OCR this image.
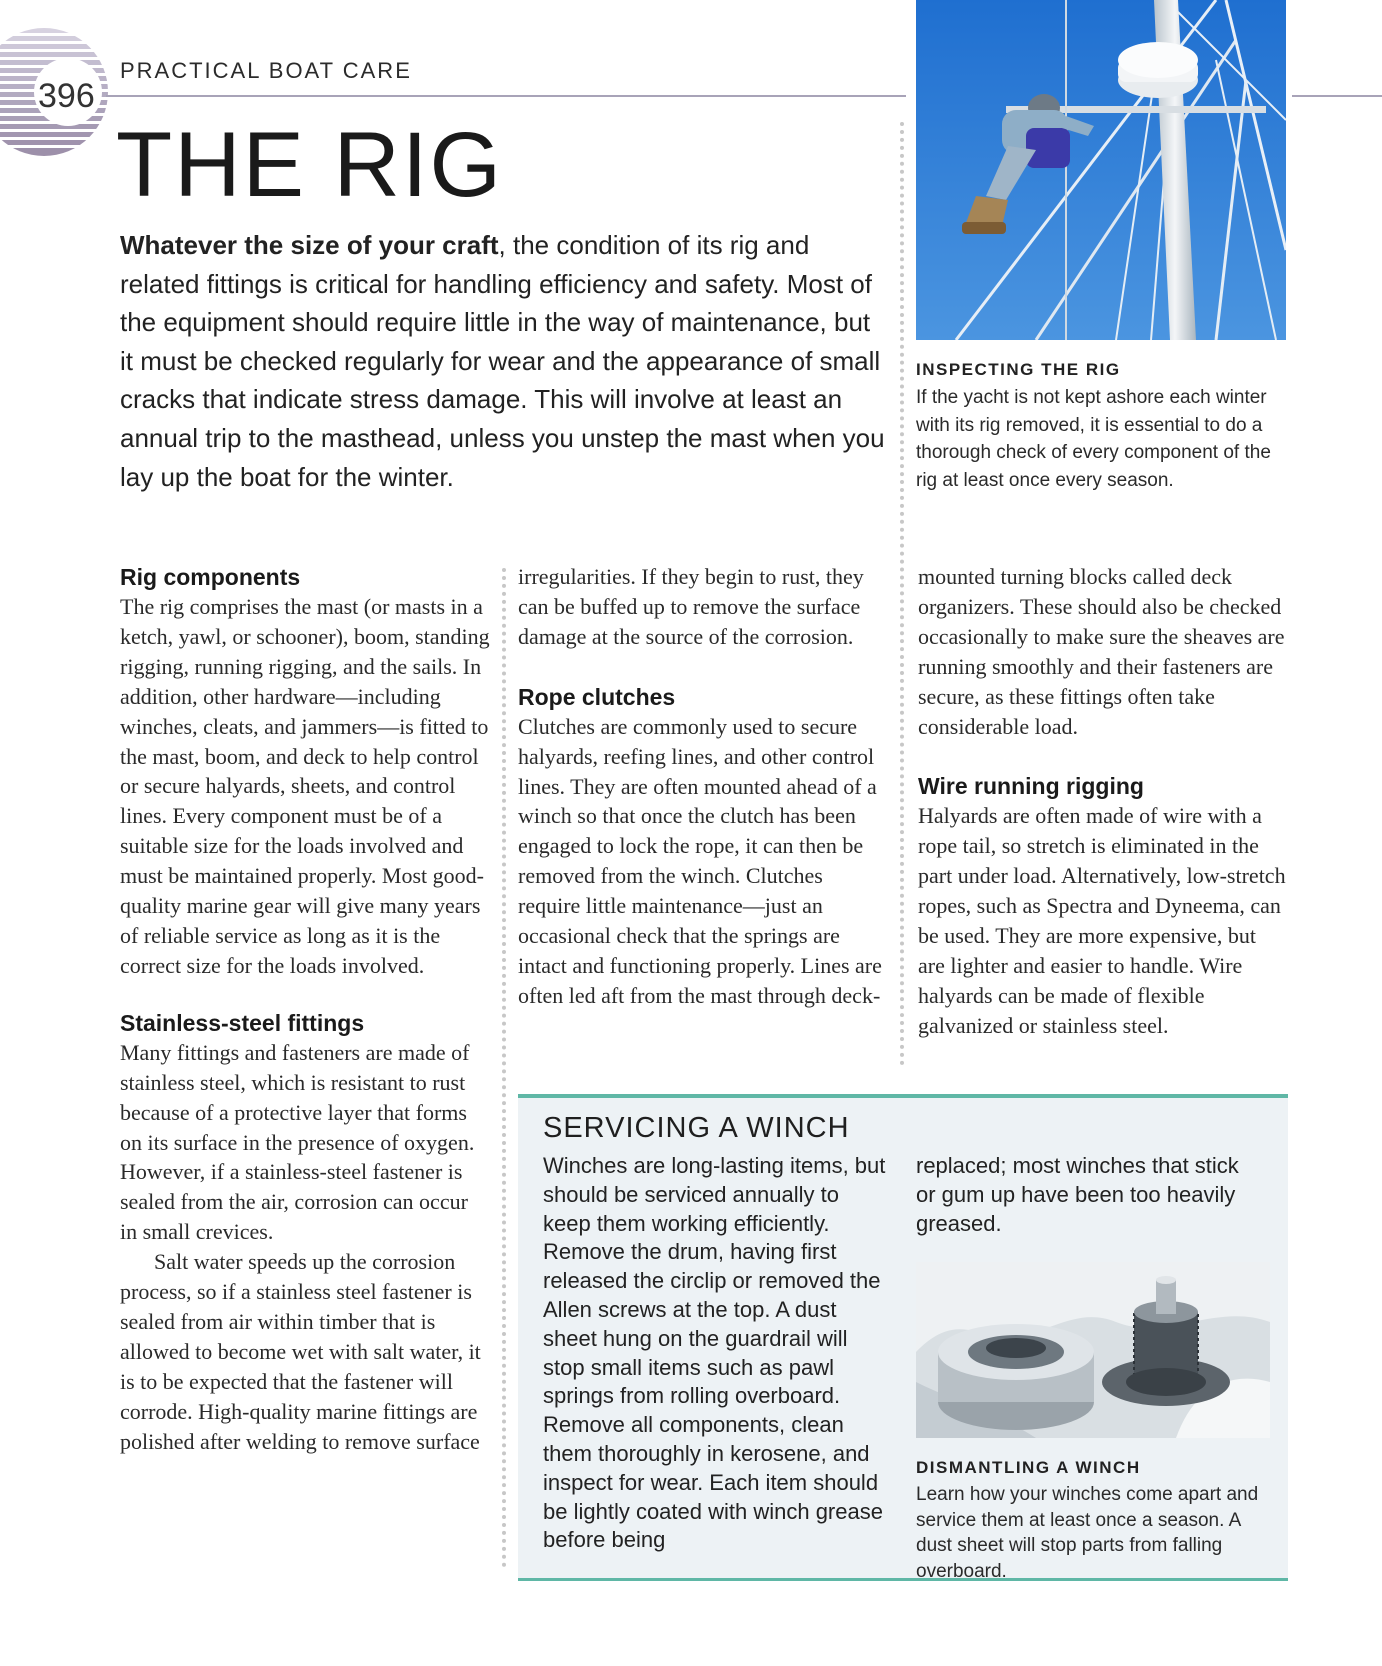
396
PRACTICAL BOAT CARE
THE RIG

Whatever the size of your craft, the condition of its rig and related fittings is critical for handling efficiency and safety. Most of the equipment should require little in the way of maintenance, but it must be checked regularly for wear and the appearance of small cracks that indicate stress damage. This will involve at least an annual trip to the masthead, unless you unstep the mast when you lay up the boat for the winter.

INSPECTING THE RIG

If the yacht is not kept ashore each winter with its rig removed, it is essential to do a thorough check of every component of the rig at least once every season.

Rig components

The rig comprises the mast (or masts in a ketch, yawl, or schooner), boom, standing rigging, running rigging, and the sails. In addition, other hardware—including winches, cleats, and jammers—is fitted to the mast, boom, and deck to help control or secure halyards, sheets, and control lines. Every component must be of a suitable size for the loads involved and must be maintained properly. Most good-quality marine gear will give many years of reliable service as long as it is the correct size for the loads involved.

Stainless-steel fittings

Many fittings and fasteners are made of stainless steel, which is resistant to rust because of a protective layer that forms on its surface in the presence of oxygen. However, if a stainless-steel fastener is sealed from the air, corrosion can occur in small crevices.

Salt water speeds up the corrosion process, so if a stainless steel fastener is sealed from air within timber that is allowed to become wet with salt water, it is to be expected that the fastener will corrode. High-quality marine fittings are polished after welding to remove surface

irregularities. If they begin to rust, they can be buffed up to remove the surface damage at the source of the corrosion.

Rope clutches

Clutches are commonly used to secure halyards, reefing lines, and other control lines. They are often mounted ahead of a winch so that once the clutch has been engaged to lock the rope, it can then be removed from the winch. Clutches require little maintenance—just an occasional check that the springs are intact and functioning properly. Lines are often led aft from the mast through deck-

mounted turning blocks called deck organizers. These should also be checked occasionally to make sure the sheaves are running smoothly and their fasteners are secure, as these fittings often take considerable load.

Wire running rigging

Halyards are often made of wire with a rope tail, so stretch is eliminated in the part under load. Alternatively, low-stretch ropes, such as Spectra and Dyneema, can be used. They are more expensive, but are lighter and easier to handle. Wire halyards can be made of flexible galvanized or stainless steel.

SERVICING A WINCH

Winches are long-lasting items, but should be serviced annually to keep them working efficiently. Remove the drum, having first released the circlip or removed the Allen screws at the top. A dust sheet hung on the guardrail will stop small items such as pawl springs from rolling overboard. Remove all components, clean them thoroughly in kerosene, and inspect for wear. Each item should be lightly coated with winch grease before being

replaced; most winches that stick or gum up have been too heavily greased.

DISMANTLING A WINCH

Learn how your winches come apart and service them at least once a season. A dust sheet will stop parts from falling overboard.
